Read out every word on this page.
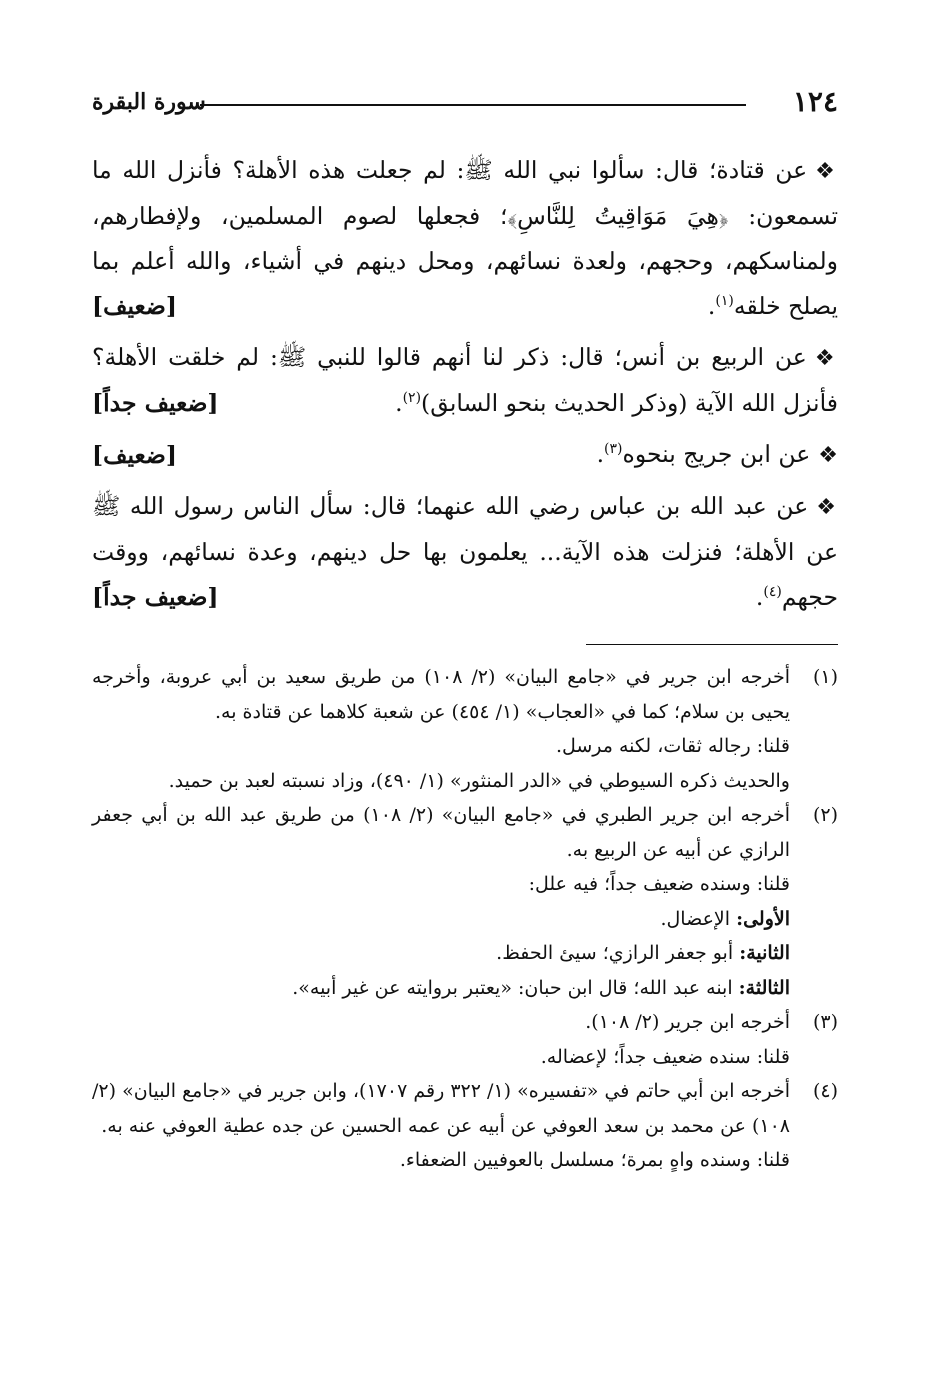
١٢٤
سورة البقرة

❖عن قتادة؛ قال: سألوا نبي الله ﷺ: لم جعلت هذه الأهلة؟ فأنزل الله ما تسمعون: ﴿هِيَ مَوَاقِيتُ لِلنَّاسِ﴾؛ فجعلها لصوم المسلمين، ولإفطارهم، ولمناسكهم، وحجهم، ولعدة نسائهم، ومحل دينهم في أشياء، والله أعلم بما يصلح خلقه$^{(١)}$.
[ضعيف]

❖عن الربيع بن أنس؛ قال: ذكر لنا أنهم قالوا للنبي ﷺ: لم خلقت الأهلة؟ فأنزل الله الآية (وذكر الحديث بنحو السابق)$^{(٢)}$.
[ضعيف جداً]

❖عن ابن جريج بنحوه$^{(٣)}$.
[ضعيف]

❖عن عبد الله بن عباس رضي الله عنهما؛ قال: سأل الناس رسول الله ﷺ عن الأهلة؛ فنزلت هذه الآية... يعلمون بها حل دينهم، وعدة نسائهم، ووقت حجهم$^{(٤)}$.
[ضعيف جداً]

(١)
أخرجه ابن جرير في «جامع البيان» (٢/ ١٠٨) من طريق سعيد بن أبي عروبة، وأخرجه يحيى بن سلام؛ كما في «العجاب» (١/ ٤٥٤) عن شعبة كلاهما عن قتادة به.
قلنا: رجاله ثقات، لكنه مرسل.
والحديث ذكره السيوطي في «الدر المنثور» (١/ ٤٩٠)، وزاد نسبته لعبد بن حميد.
(٢)
أخرجه ابن جرير الطبري في «جامع البيان» (٢/ ١٠٨) من طريق عبد الله بن أبي جعفر الرازي عن أبيه عن الربيع به.
قلنا: وسنده ضعيف جداً؛ فيه علل:
الأولى: الإعضال.
الثانية: أبو جعفر الرازي؛ سيئ الحفظ.
الثالثة: ابنه عبد الله؛ قال ابن حبان: «يعتبر بروايته عن غير أبيه».
(٣)
أخرجه ابن جرير (٢/ ١٠٨).
قلنا: سنده ضعيف جداً؛ لإعضاله.
(٤)
أخرجه ابن أبي حاتم في «تفسيره» (١/ ٣٢٢ رقم ١٧٠٧)، وابن جرير في «جامع البيان» (٢/ ١٠٨) عن محمد بن سعد العوفي عن أبيه عن عمه الحسين عن جده عطية العوفي عنه به.
قلنا: وسنده واهٍ بمرة؛ مسلسل بالعوفيين الضعفاء.
